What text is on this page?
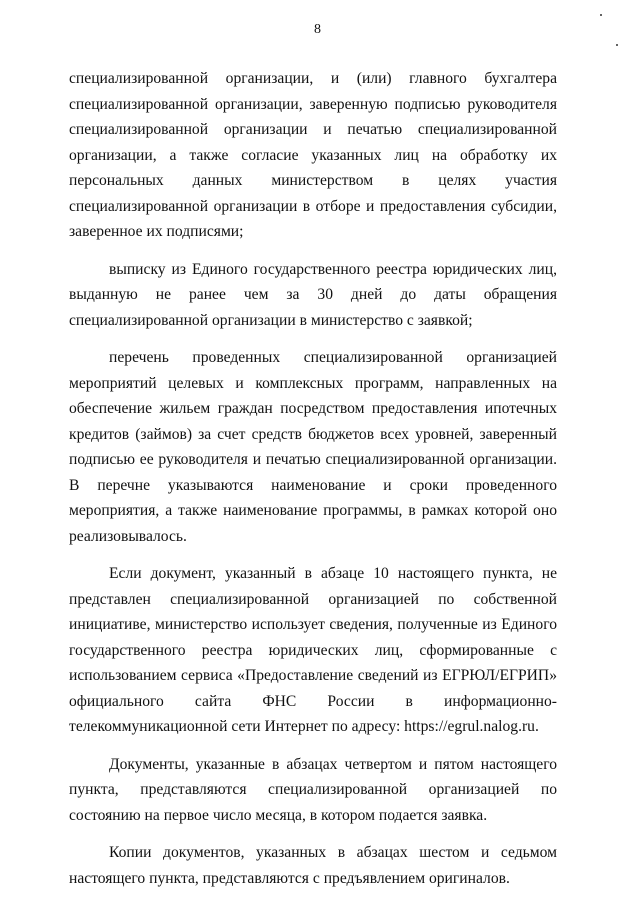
8

специализированной организации, и (или) главного бухгалтера специализированной организации, заверенную подписью руководителя специализированной организации и печатью специализированной организации, а также согласие указанных лиц на обработку их персональных данных министерством в целях участия специализированной организации в отборе и предоставления субсидии, заверенное их подписями;

выписку из Единого государственного реестра юридических лиц, выданную не ранее чем за 30 дней до даты обращения специализированной организации в министерство с заявкой;

перечень проведенных специализированной организацией мероприятий целевых и комплексных программ, направленных на обеспечение жильем граждан посредством предоставления ипотечных кредитов (займов) за счет средств бюджетов всех уровней, заверенный подписью ее руководителя и печатью специализированной организации. В перечне указываются наименование и сроки проведенного мероприятия, а также наименование программы, в рамках которой оно реализовывалось.

Если документ, указанный в абзаце 10 настоящего пункта, не представлен специализированной организацией по собственной инициативе, министерство использует сведения, полученные из Единого государственного реестра юридических лиц, сформированные с использованием сервиса «Предоставление сведений из ЕГРЮЛ/ЕГРИП» официального сайта ФНС России в информационно-телекоммуникационной сети Интернет по адресу: https://egrul.nalog.ru.

Документы, указанные в абзацах четвертом и пятом настоящего пункта, представляются специализированной организацией по состоянию на первое число месяца, в котором подается заявка.

Копии документов, указанных в абзацах шестом и седьмом настоящего пункта, представляются с предъявлением оригиналов.
